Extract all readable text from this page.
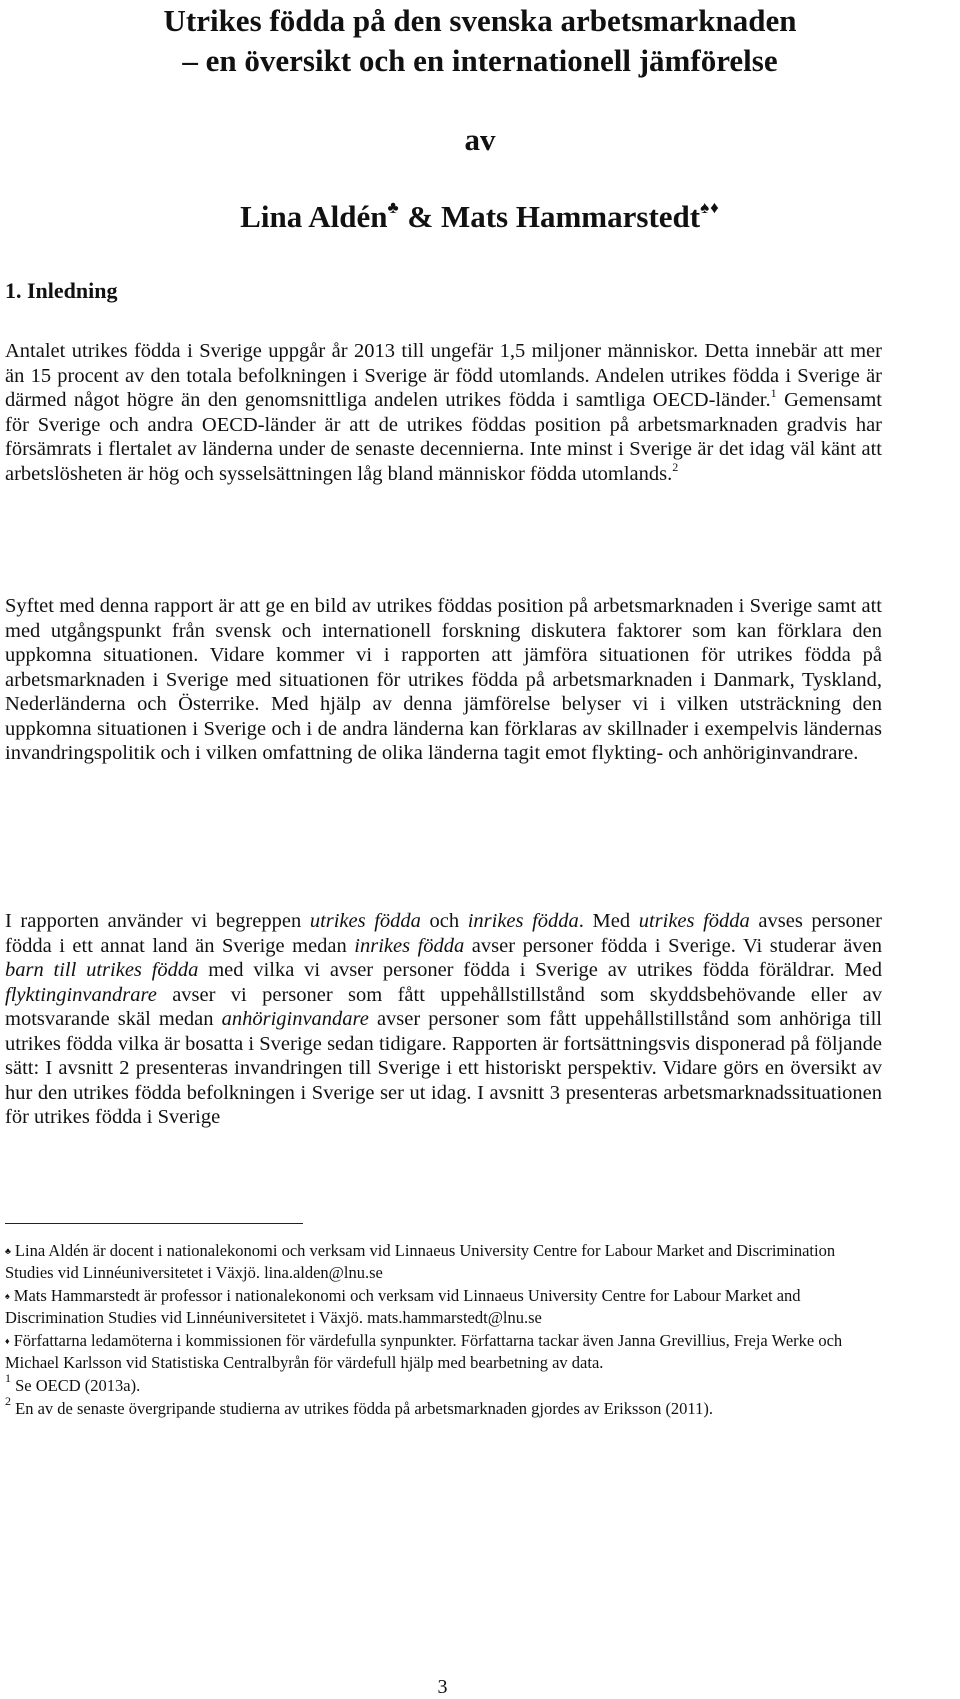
Utrikes födda på den svenska arbetsmarknaden
– en översikt och en internationell jämförelse

av

Lina Aldén♣ & Mats Hammarstedt♠♦

1. Inledning

Antalet utrikes födda i Sverige uppgår år 2013 till ungefär 1,5 miljoner människor. Detta innebär att mer än 15 procent av den totala befolkningen i Sverige är född utomlands. Andelen utrikes födda i Sverige är därmed något högre än den genomsnittliga andelen utrikes födda i samtliga OECD-länder.$^1$ Gemensamt för Sverige och andra OECD-länder är att de utrikes föddas position på arbetsmarknaden gradvis har försämrats i flertalet av länderna under de senaste decennierna. Inte minst i Sverige är det idag väl känt att arbetslösheten är hög och sysselsättningen låg bland människor födda utomlands.$^2$

Syftet med denna rapport är att ge en bild av utrikes föddas position på arbetsmarknaden i Sverige samt att med utgångspunkt från svensk och internationell forskning diskutera faktorer som kan förklara den uppkomna situationen. Vidare kommer vi i rapporten att jämföra situationen för utrikes födda på arbetsmarknaden i Sverige med situationen för utrikes födda på arbetsmarknaden i Danmark, Tyskland, Nederländerna och Österrike. Med hjälp av denna jämförelse belyser vi i vilken utsträckning den uppkomna situationen i Sverige och i de andra länderna kan förklaras av skillnader i exempelvis ländernas invandringspolitik och i vilken omfattning de olika länderna tagit emot flykting- och anhöriginvandrare.

I rapporten använder vi begreppen utrikes födda och inrikes födda. Med utrikes födda avses personer födda i ett annat land än Sverige medan inrikes födda avser personer födda i Sverige. Vi studerar även barn till utrikes födda med vilka vi avser personer födda i Sverige av utrikes födda föräldrar. Med flyktinginvandrare avser vi personer som fått uppehållstillstånd som skyddsbehövande eller av motsvarande skäl medan anhöriginvandare avser personer som fått uppehållstillstånd som anhöriga till utrikes födda vilka är bosatta i Sverige sedan tidigare. Rapporten är fortsättningsvis disponerad på följande sätt: I avsnitt 2 presenteras invandringen till Sverige i ett historiskt perspektiv. Vidare görs en översikt av hur den utrikes födda befolkningen i Sverige ser ut idag. I avsnitt 3 presenteras arbetsmarknadssituationen för utrikes födda i Sverige

♣ Lina Aldén är docent i nationalekonomi och verksam vid Linnaeus University Centre for Labour Market and Discrimination Studies vid Linnéuniversitetet i Växjö. lina.alden@lnu.se

♠ Mats Hammarstedt är professor i nationalekonomi och verksam vid Linnaeus University Centre for Labour Market and Discrimination Studies vid Linnéuniversitetet i Växjö. mats.hammarstedt@lnu.se

♦ Författarna ledamöterna i kommissionen för värdefulla synpunkter. Författarna tackar även Janna Grevillius, Freja Werke och Michael Karlsson vid Statistiska Centralbyrån för värdefull hjälp med bearbetning av data.

$^1$ Se OECD (2013a).

$^2$ En av de senaste övergripande studierna av utrikes födda på arbetsmarknaden gjordes av Eriksson (2011).

3
